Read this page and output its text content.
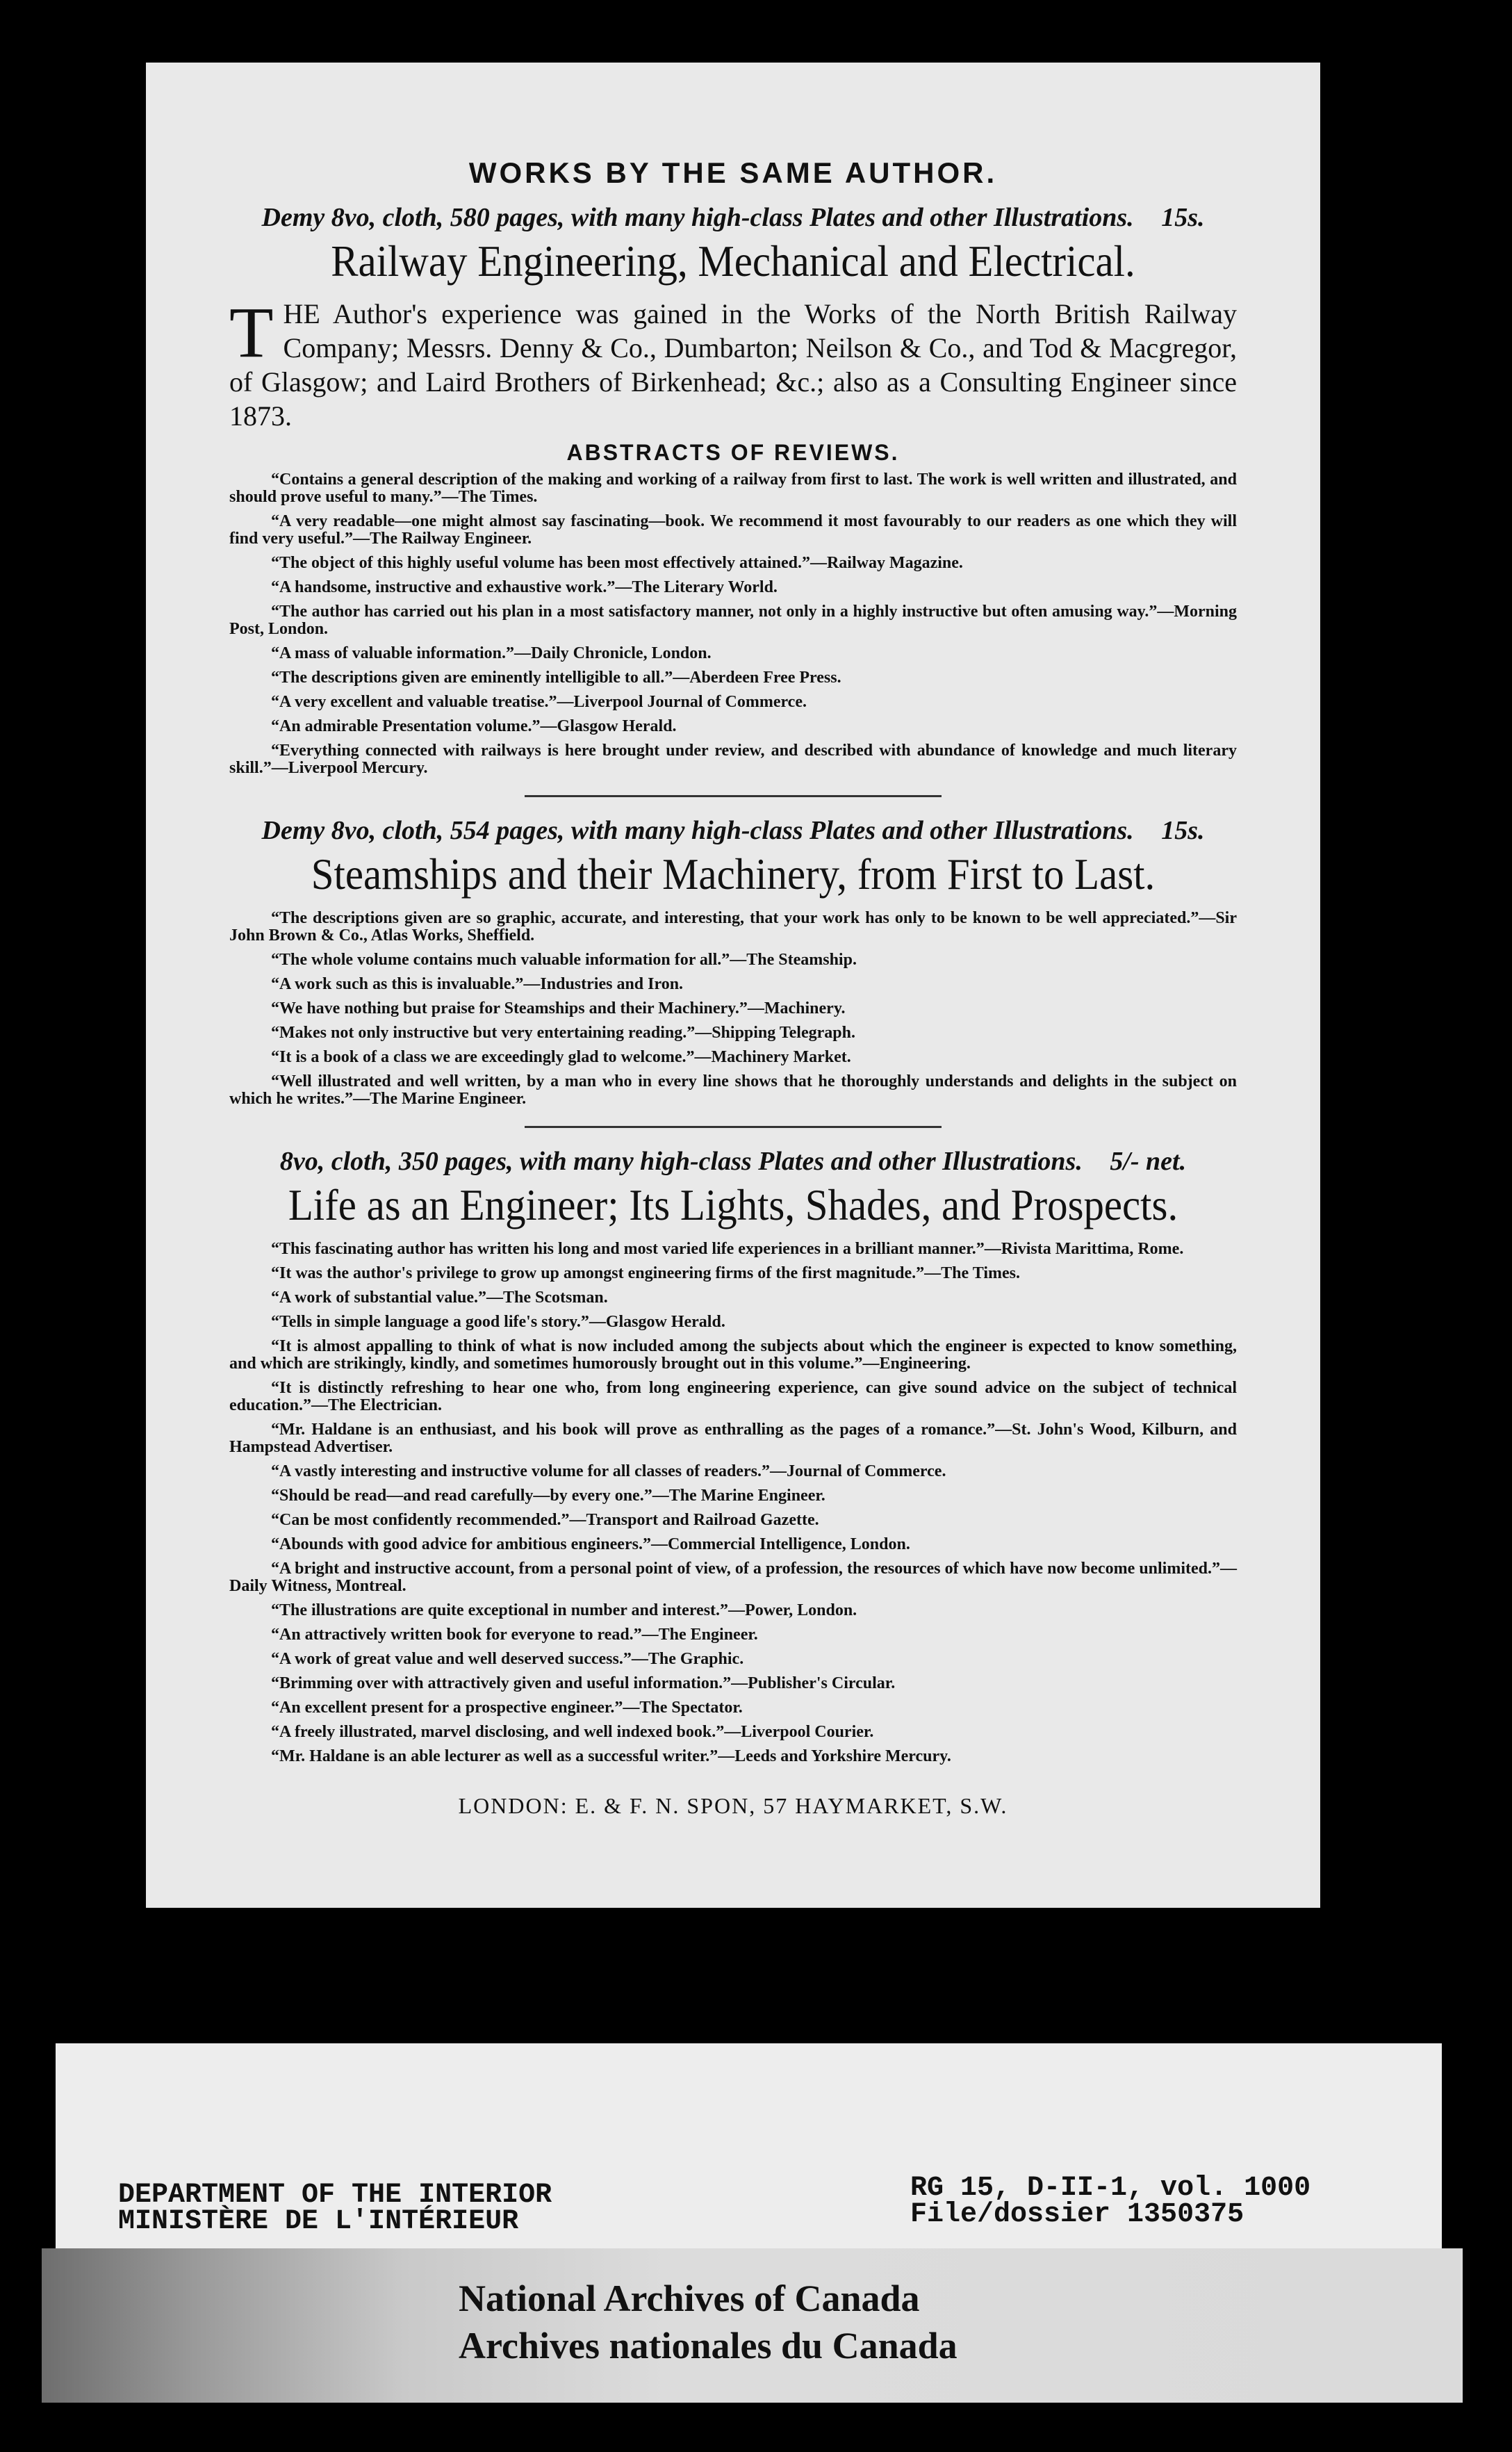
WORKS BY THE SAME AUTHOR.

Demy 8vo, cloth, 580 pages, with many high-class Plates and other Illustrations. 15s.

Railway Engineering, Mechanical and Electrical.

T HE Author's experience was gained in the Works of the North British Railway Company; Messrs. Denny & Co., Dumbarton; Neilson & Co., and Tod & Macgregor, of Glasgow; and Laird Brothers of Birkenhead; &c.; also as a Consulting Engineer since 1873.

ABSTRACTS OF REVIEWS.
“Contains a general description of the making and working of a railway from first to last. The work is well written and illustrated, and should prove useful to many.”—The Times.
“A very readable—one might almost say fascinating—book. We recommend it most favourably to our readers as one which they will find very useful.”—The Railway Engineer.
“The object of this highly useful volume has been most effectively attained.”—Railway Magazine.
“A handsome, instructive and exhaustive work.”—The Literary World.
“The author has carried out his plan in a most satisfactory manner, not only in a highly instructive but often amusing way.”—Morning Post, London.
“A mass of valuable information.”—Daily Chronicle, London.
“The descriptions given are eminently intelligible to all.”—Aberdeen Free Press.
“A very excellent and valuable treatise.”—Liverpool Journal of Commerce.
“An admirable Presentation volume.”—Glasgow Herald.
“Everything connected with railways is here brought under review, and described with abundance of knowledge and much literary skill.”—Liverpool Mercury.

Demy 8vo, cloth, 554 pages, with many high-class Plates and other Illustrations. 15s.

Steamships and their Machinery, from First to Last.
“The descriptions given are so graphic, accurate, and interesting, that your work has only to be known to be well appreciated.”—Sir John Brown & Co., Atlas Works, Sheffield.
“The whole volume contains much valuable information for all.”—The Steamship.
“A work such as this is invaluable.”—Industries and Iron.
“We have nothing but praise for Steamships and their Machinery.”—Machinery.
“Makes not only instructive but very entertaining reading.”—Shipping Telegraph.
“It is a book of a class we are exceedingly glad to welcome.”—Machinery Market.
“Well illustrated and well written, by a man who in every line shows that he thoroughly understands and delights in the subject on which he writes.”—The Marine Engineer.

8vo, cloth, 350 pages, with many high-class Plates and other Illustrations. 5/- net.

Life as an Engineer; Its Lights, Shades, and Prospects.
“This fascinating author has written his long and most varied life experiences in a brilliant manner.”—Rivista Marittima, Rome.
“It was the author's privilege to grow up amongst engineering firms of the first magnitude.”—The Times.
“A work of substantial value.”—The Scotsman.
“Tells in simple language a good life's story.”—Glasgow Herald.
“It is almost appalling to think of what is now included among the subjects about which the engineer is expected to know something, and which are strikingly, kindly, and sometimes humorously brought out in this volume.”—Engineering.
“It is distinctly refreshing to hear one who, from long engineering experience, can give sound advice on the subject of technical education.”—The Electrician.
“Mr. Haldane is an enthusiast, and his book will prove as enthralling as the pages of a romance.”—St. John's Wood, Kilburn, and Hampstead Advertiser.
“A vastly interesting and instructive volume for all classes of readers.”—Journal of Commerce.
“Should be read—and read carefully—by every one.”—The Marine Engineer.
“Can be most confidently recommended.”—Transport and Railroad Gazette.
“Abounds with good advice for ambitious engineers.”—Commercial Intelligence, London.
“A bright and instructive account, from a personal point of view, of a profession, the resources of which have now become unlimited.”—Daily Witness, Montreal.
“The illustrations are quite exceptional in number and interest.”—Power, London.
“An attractively written book for everyone to read.”—The Engineer.
“A work of great value and well deserved success.”—The Graphic.
“Brimming over with attractively given and useful information.”—Publisher's Circular.
“An excellent present for a prospective engineer.”—The Spectator.
“A freely illustrated, marvel disclosing, and well indexed book.”—Liverpool Courier.
“Mr. Haldane is an able lecturer as well as a successful writer.”—Leeds and Yorkshire Mercury.
LONDON: E. & F. N. SPON, 57 HAYMARKET, S.W.
DEPARTMENT OF THE INTERIOR
MINISTÈRE DE L'INTÉRIEUR
RG 15, D-II-1, vol. 1000
File/dossier 1350375
National Archives of Canada
Archives nationales du Canada
